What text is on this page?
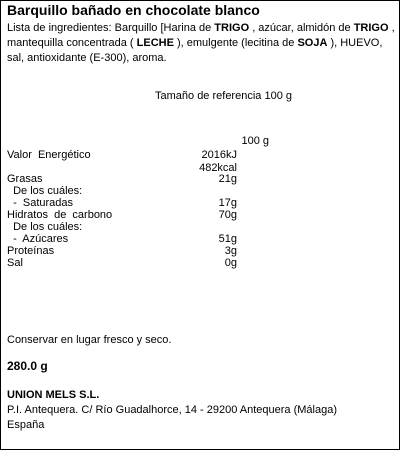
Barquillo bañado en chocolate blanco
Lista de ingredientes: Barquillo [Harina de TRIGO , azúcar, almidón de TRIGO , mantequilla concentrada ( LECHE ), emulgente (lecitina de SOJA ), HUEVO, sal, antioxidante (E-300), aroma.
Tamaño de referencia 100 g
100 g
Valor  Energético	2016kJ
482kcal
Grasas	21g
De los cuáles:
-  Saturadas	17g
Hidratos  de  carbono	70g
De los cuáles:
-  Azúcares	51g
Proteínas	3g
Sal	0g
Conservar en lugar fresco y seco.
280.0 g
UNION MELS S.L.
P.I. Antequera. C/ Río Guadalhorce, 14 - 29200 Antequera (Málaga)
España
